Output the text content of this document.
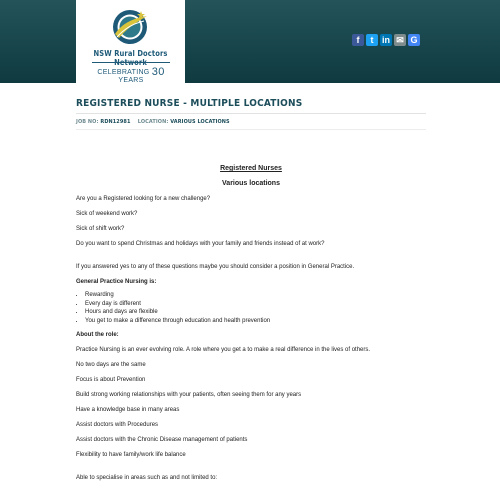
NSW Rural Doctors Network
CELEBRATING 30 YEARS
f	t in ✉ G
REGISTERED NURSE - MULTIPLE LOCATIONS
JOB NO: RDN12981 LOCATION: VARIOUS LOCATIONS

Registered Nurses

Various locations

Are you a Registered looking for a new challenge?

Sick of weekend work?

Sick of shift work?

Do you want to spend Christmas and holidays with your family and friends instead of at work?

If you answered yes to any of these questions maybe you should consider a position in General Practice.

General Practice Nursing is:

• Rewarding
• Every day is different
• Hours and days are flexible
• You get to make a difference through education and health prevention

About the role:

Practice Nursing is an ever evolving role. A role where you get a to make a real difference in the lives of others.

No two days are the same

Focus is about Prevention

Build strong working relationships with your patients, often seeing them for any years

Have a knowledge base in many areas

Assist doctors with Procedures

Assist doctors with the Chronic Disease management of patients

Flexibility to have family/work life balance

Able to specialise in areas such as and not limited to:
